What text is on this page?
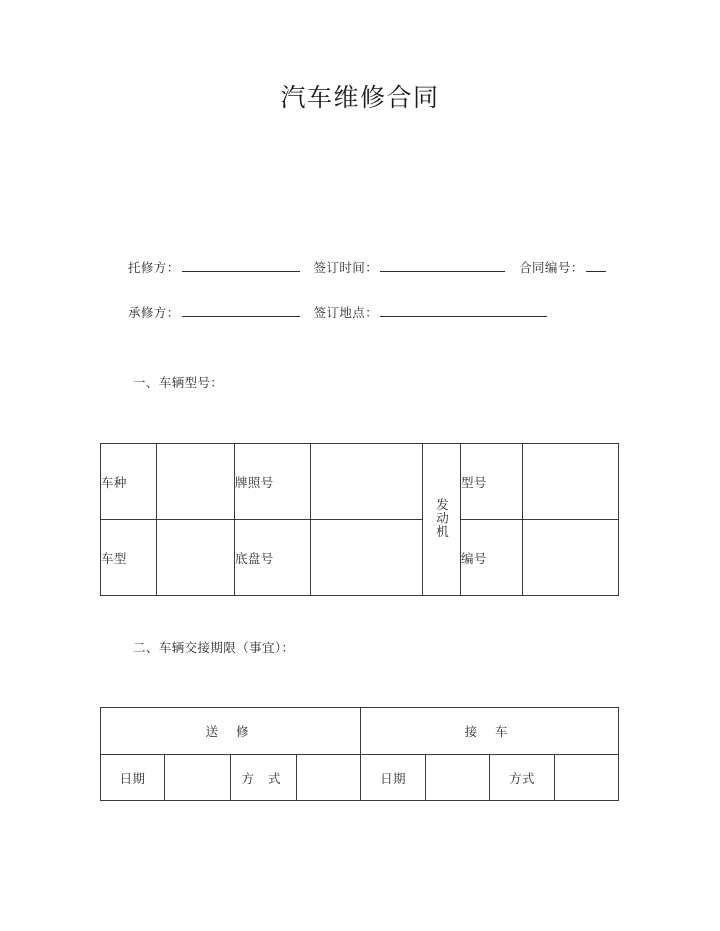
汽车维修合同
托修方：	签订时间：	合同编号：
承修方：	签订地点：
一、车辆型号：
车种		牌照号		发动机	型号	
车型		底盘号			编号	
二、车辆交接期限（事宜）：
送 修				接 车			
日期		方 式		日期		方式	
